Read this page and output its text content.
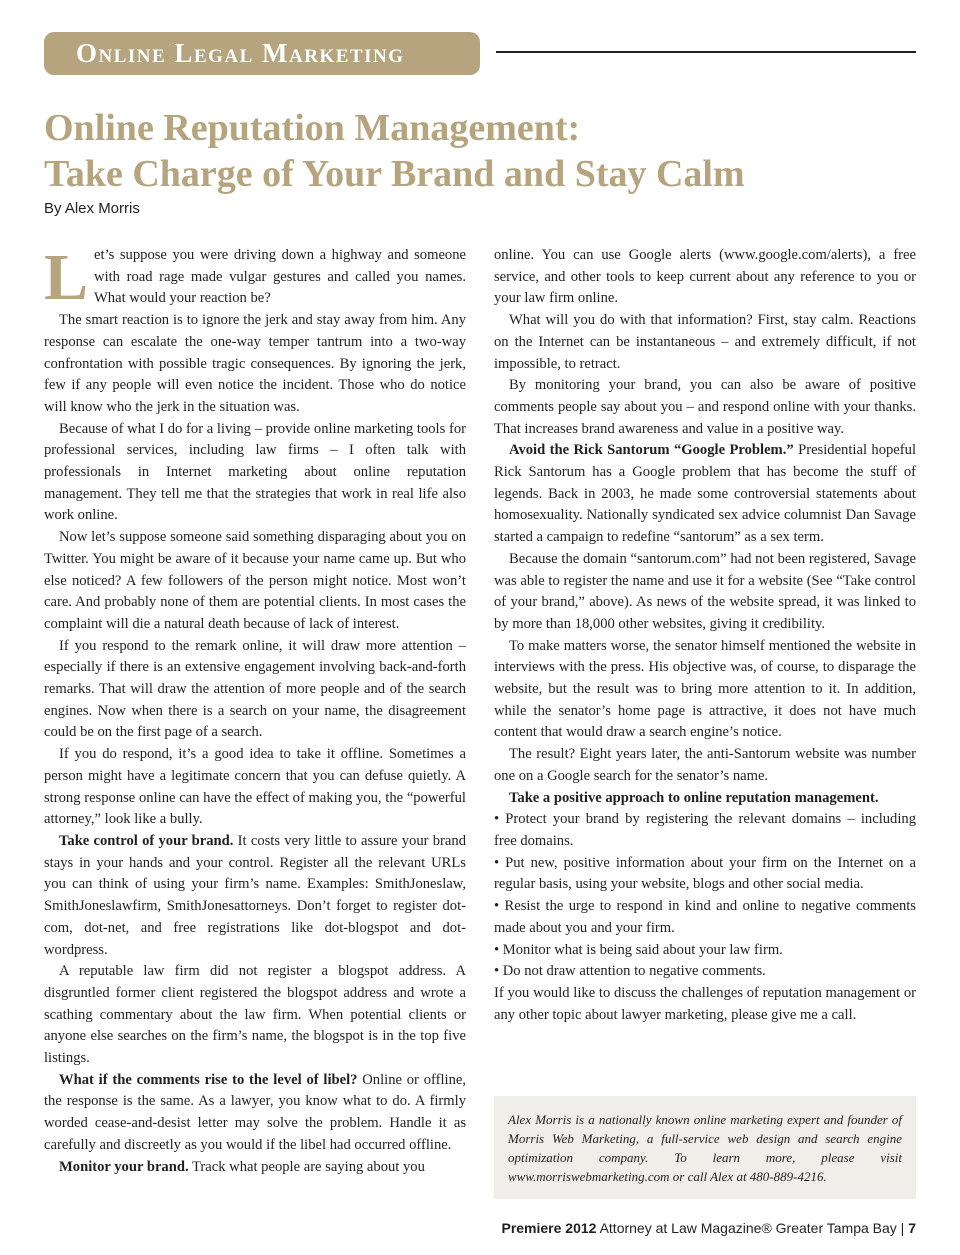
Online Legal Marketing
Online Reputation Management:
Take Charge of Your Brand and Stay Calm
By Alex Morris

Let’s suppose you were driving down a highway and someone with road rage made vulgar gestures and called you names. What would your reaction be?

The smart reaction is to ignore the jerk and stay away from him. Any response can escalate the one-way temper tantrum into a two-way confrontation with possible tragic consequences. By ignoring the jerk, few if any people will even notice the incident. Those who do notice will know who the jerk in the situation was.

Because of what I do for a living – provide online marketing tools for professional services, including law firms – I often talk with professionals in Internet marketing about online reputation management. They tell me that the strategies that work in real life also work online.

Now let’s suppose someone said something disparaging about you on Twitter. You might be aware of it because your name came up. But who else noticed? A few followers of the person might notice. Most won’t care. And probably none of them are potential clients. In most cases the complaint will die a natural death because of lack of interest.

If you respond to the remark online, it will draw more attention – especially if there is an extensive engagement involving back-and-forth remarks. That will draw the attention of more people and of the search engines. Now when there is a search on your name, the disagreement could be on the first page of a search.

If you do respond, it’s a good idea to take it offline. Sometimes a person might have a legitimate concern that you can defuse quietly. A strong response online can have the effect of making you, the “powerful attorney,” look like a bully.

Take control of your brand. It costs very little to assure your brand stays in your hands and your control. Register all the relevant URLs you can think of using your firm’s name. Examples: SmithJoneslaw, SmithJoneslawfirm, SmithJonesattorneys. Don’t forget to register dot-com, dot-net, and free registrations like dot-blogspot and dot-wordpress.

A reputable law firm did not register a blogspot address. A disgruntled former client registered the blogspot address and wrote a scathing commentary about the law firm. When potential clients or anyone else searches on the firm’s name, the blogspot is in the top five listings.

What if the comments rise to the level of libel? Online or offline, the response is the same. As a lawyer, you know what to do. A firmly worded cease-and-desist letter may solve the problem. Handle it as carefully and discreetly as you would if the libel had occurred offline.

Monitor your brand. Track what people are saying about you

online. You can use Google alerts (www.google.com/alerts), a free service, and other tools to keep current about any reference to you or your law firm online.

What will you do with that information? First, stay calm. Reactions on the Internet can be instantaneous – and extremely difficult, if not impossible, to retract.

By monitoring your brand, you can also be aware of positive comments people say about you – and respond online with your thanks. That increases brand awareness and value in a positive way.

Avoid the Rick Santorum “Google Problem.” Presidential hopeful Rick Santorum has a Google problem that has become the stuff of legends. Back in 2003, he made some controversial statements about homosexuality. Nationally syndicated sex advice columnist Dan Savage started a campaign to redefine “santorum” as a sex term.

Because the domain “santorum.com” had not been registered, Savage was able to register the name and use it for a website (See “Take control of your brand,” above). As news of the website spread, it was linked to by more than 18,000 other websites, giving it credibility.

To make matters worse, the senator himself mentioned the website in interviews with the press. His objective was, of course, to disparage the website, but the result was to bring more attention to it. In addition, while the senator’s home page is attractive, it does not have much content that would draw a search engine’s notice.

The result? Eight years later, the anti-Santorum website was number one on a Google search for the senator’s name.

Take a positive approach to online reputation management.

• Protect your brand by registering the relevant domains – including free domains.

• Put new, positive information about your firm on the Internet on a regular basis, using your website, blogs and other social media.

• Resist the urge to respond in kind and online to negative comments made about you and your firm.

• Monitor what is being said about your law firm.

• Do not draw attention to negative comments.

If you would like to discuss the challenges of reputation management or any other topic about lawyer marketing, please give me a call.

Alex Morris is a nationally known online marketing expert and founder of Morris Web Marketing, a full-service web design and search engine optimization company. To learn more, please visit www.morriswebmarketing.com or call Alex at 480-889-4216.
Premiere 2012 Attorney at Law Magazine® Greater Tampa Bay | 7
